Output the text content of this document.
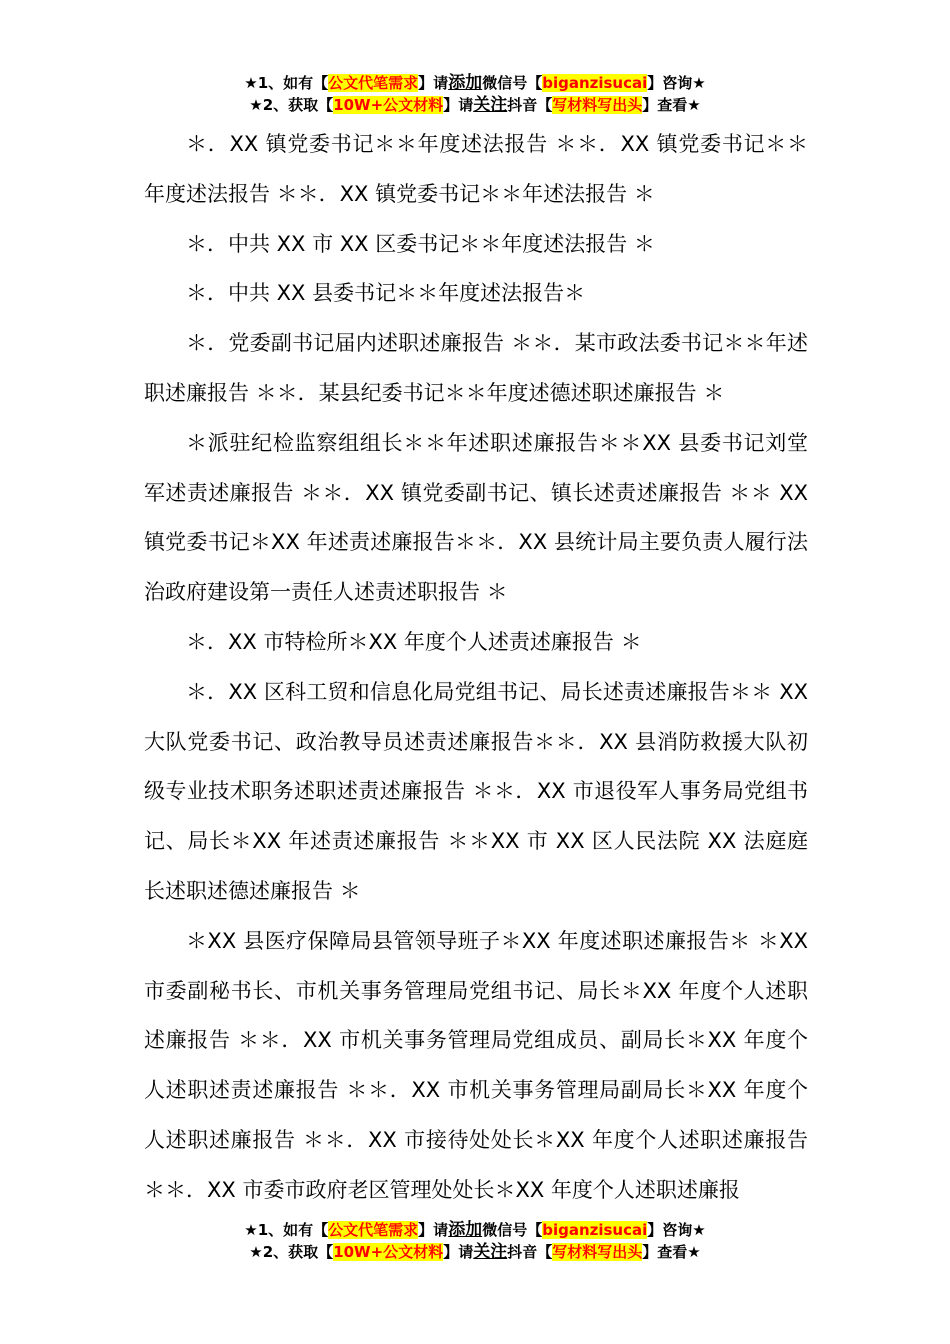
★1、如有【公文代笔需求】请添加微信号【biganzisucai】咨询★
★2、获取【10W+公文材料】请关注抖音【写材料写出头】查看★

＊．XX 镇党委书记＊＊年度述法报告 ＊＊．XX 镇党委书记＊＊年度述法报告 ＊＊．XX 镇党委书记＊＊年述法报告 ＊

＊．中共 XX 市 XX 区委书记＊＊年度述法报告 ＊

＊．中共 XX 县委书记＊＊年度述法报告＊

＊．党委副书记届内述职述廉报告 ＊＊．某市政法委书记＊＊年述职述廉报告 ＊＊．某县纪委书记＊＊年度述德述职述廉报告 ＊

＊派驻纪检监察组组长＊＊年述职述廉报告＊＊XX 县委书记刘堂军述责述廉报告 ＊＊．XX 镇党委副书记、镇长述责述廉报告 ＊＊ XX 镇党委书记＊XX 年述责述廉报告＊＊．XX 县统计局主要负责人履行法治政府建设第一责任人述责述职报告 ＊

＊．XX 市特检所＊XX 年度个人述责述廉报告 ＊

＊．XX 区科工贸和信息化局党组书记、局长述责述廉报告＊＊ XX 大队党委书记、政治教导员述责述廉报告＊＊．XX 县消防救援大队初级专业技术职务述职述责述廉报告 ＊＊．XX 市退役军人事务局党组书记、局长＊XX 年述责述廉报告 ＊＊XX 市 XX 区人民法院 XX 法庭庭长述职述德述廉报告 ＊

＊XX 县医疗保障局县管领导班子＊XX 年度述职述廉报告＊ ＊XX 市委副秘书长、市机关事务管理局党组书记、局长＊XX 年度个人述职述廉报告 ＊＊．XX 市机关事务管理局党组成员、副局长＊XX 年度个人述职述责述廉报告 ＊＊．XX 市机关事务管理局副局长＊XX 年度个人述职述廉报告 ＊＊．XX 市接待处处长＊XX 年度个人述职述廉报告 ＊＊．XX 市委市政府老区管理处处长＊XX 年度个人述职述廉报

★1、如有【公文代笔需求】请添加微信号【biganzisucai】咨询★
★2、获取【10W+公文材料】请关注抖音【写材料写出头】查看★
